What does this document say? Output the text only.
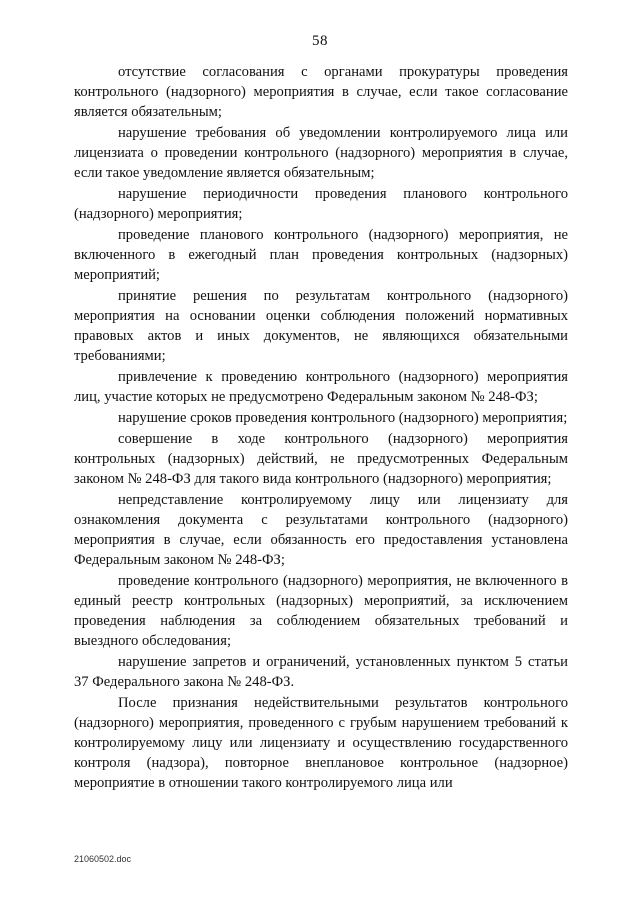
58

отсутствие согласования с органами прокуратуры проведения контрольного (надзорного) мероприятия в случае, если такое согласование является обязательным;

нарушение требования об уведомлении контролируемого лица или лицензиата о проведении контрольного (надзорного) мероприятия в случае, если такое уведомление является обязательным;

нарушение периодичности проведения планового контрольного (надзорного) мероприятия;

проведение планового контрольного (надзорного) мероприятия, не включенного в ежегодный план проведения контрольных (надзорных) мероприятий;

принятие решения по результатам контрольного (надзорного) мероприятия на основании оценки соблюдения положений нормативных правовых актов и иных документов, не являющихся обязательными требованиями;

привлечение к проведению контрольного (надзорного) мероприятия лиц, участие которых не предусмотрено Федеральным законом № 248-ФЗ;

нарушение сроков проведения контрольного (надзорного) мероприятия;

совершение в ходе контрольного (надзорного) мероприятия контрольных (надзорных) действий, не предусмотренных Федеральным законом № 248-ФЗ для такого вида контрольного (надзорного) мероприятия;

непредставление контролируемому лицу или лицензиату для ознакомления документа с результатами контрольного (надзорного) мероприятия в случае, если обязанность его предоставления установлена Федеральным законом № 248-ФЗ;

проведение контрольного (надзорного) мероприятия, не включенного в единый реестр контрольных (надзорных) мероприятий, за исключением проведения наблюдения за соблюдением обязательных требований и выездного обследования;

нарушение запретов и ограничений, установленных пунктом 5 статьи 37 Федерального закона № 248-ФЗ.

После признания недействительными результатов контрольного (надзорного) мероприятия, проведенного с грубым нарушением требований к контролируемому лицу или лицензиату и осуществлению государственного контроля (надзора), повторное внеплановое контрольное (надзорное) мероприятие в отношении такого контролируемого лица или

21060502.doc
